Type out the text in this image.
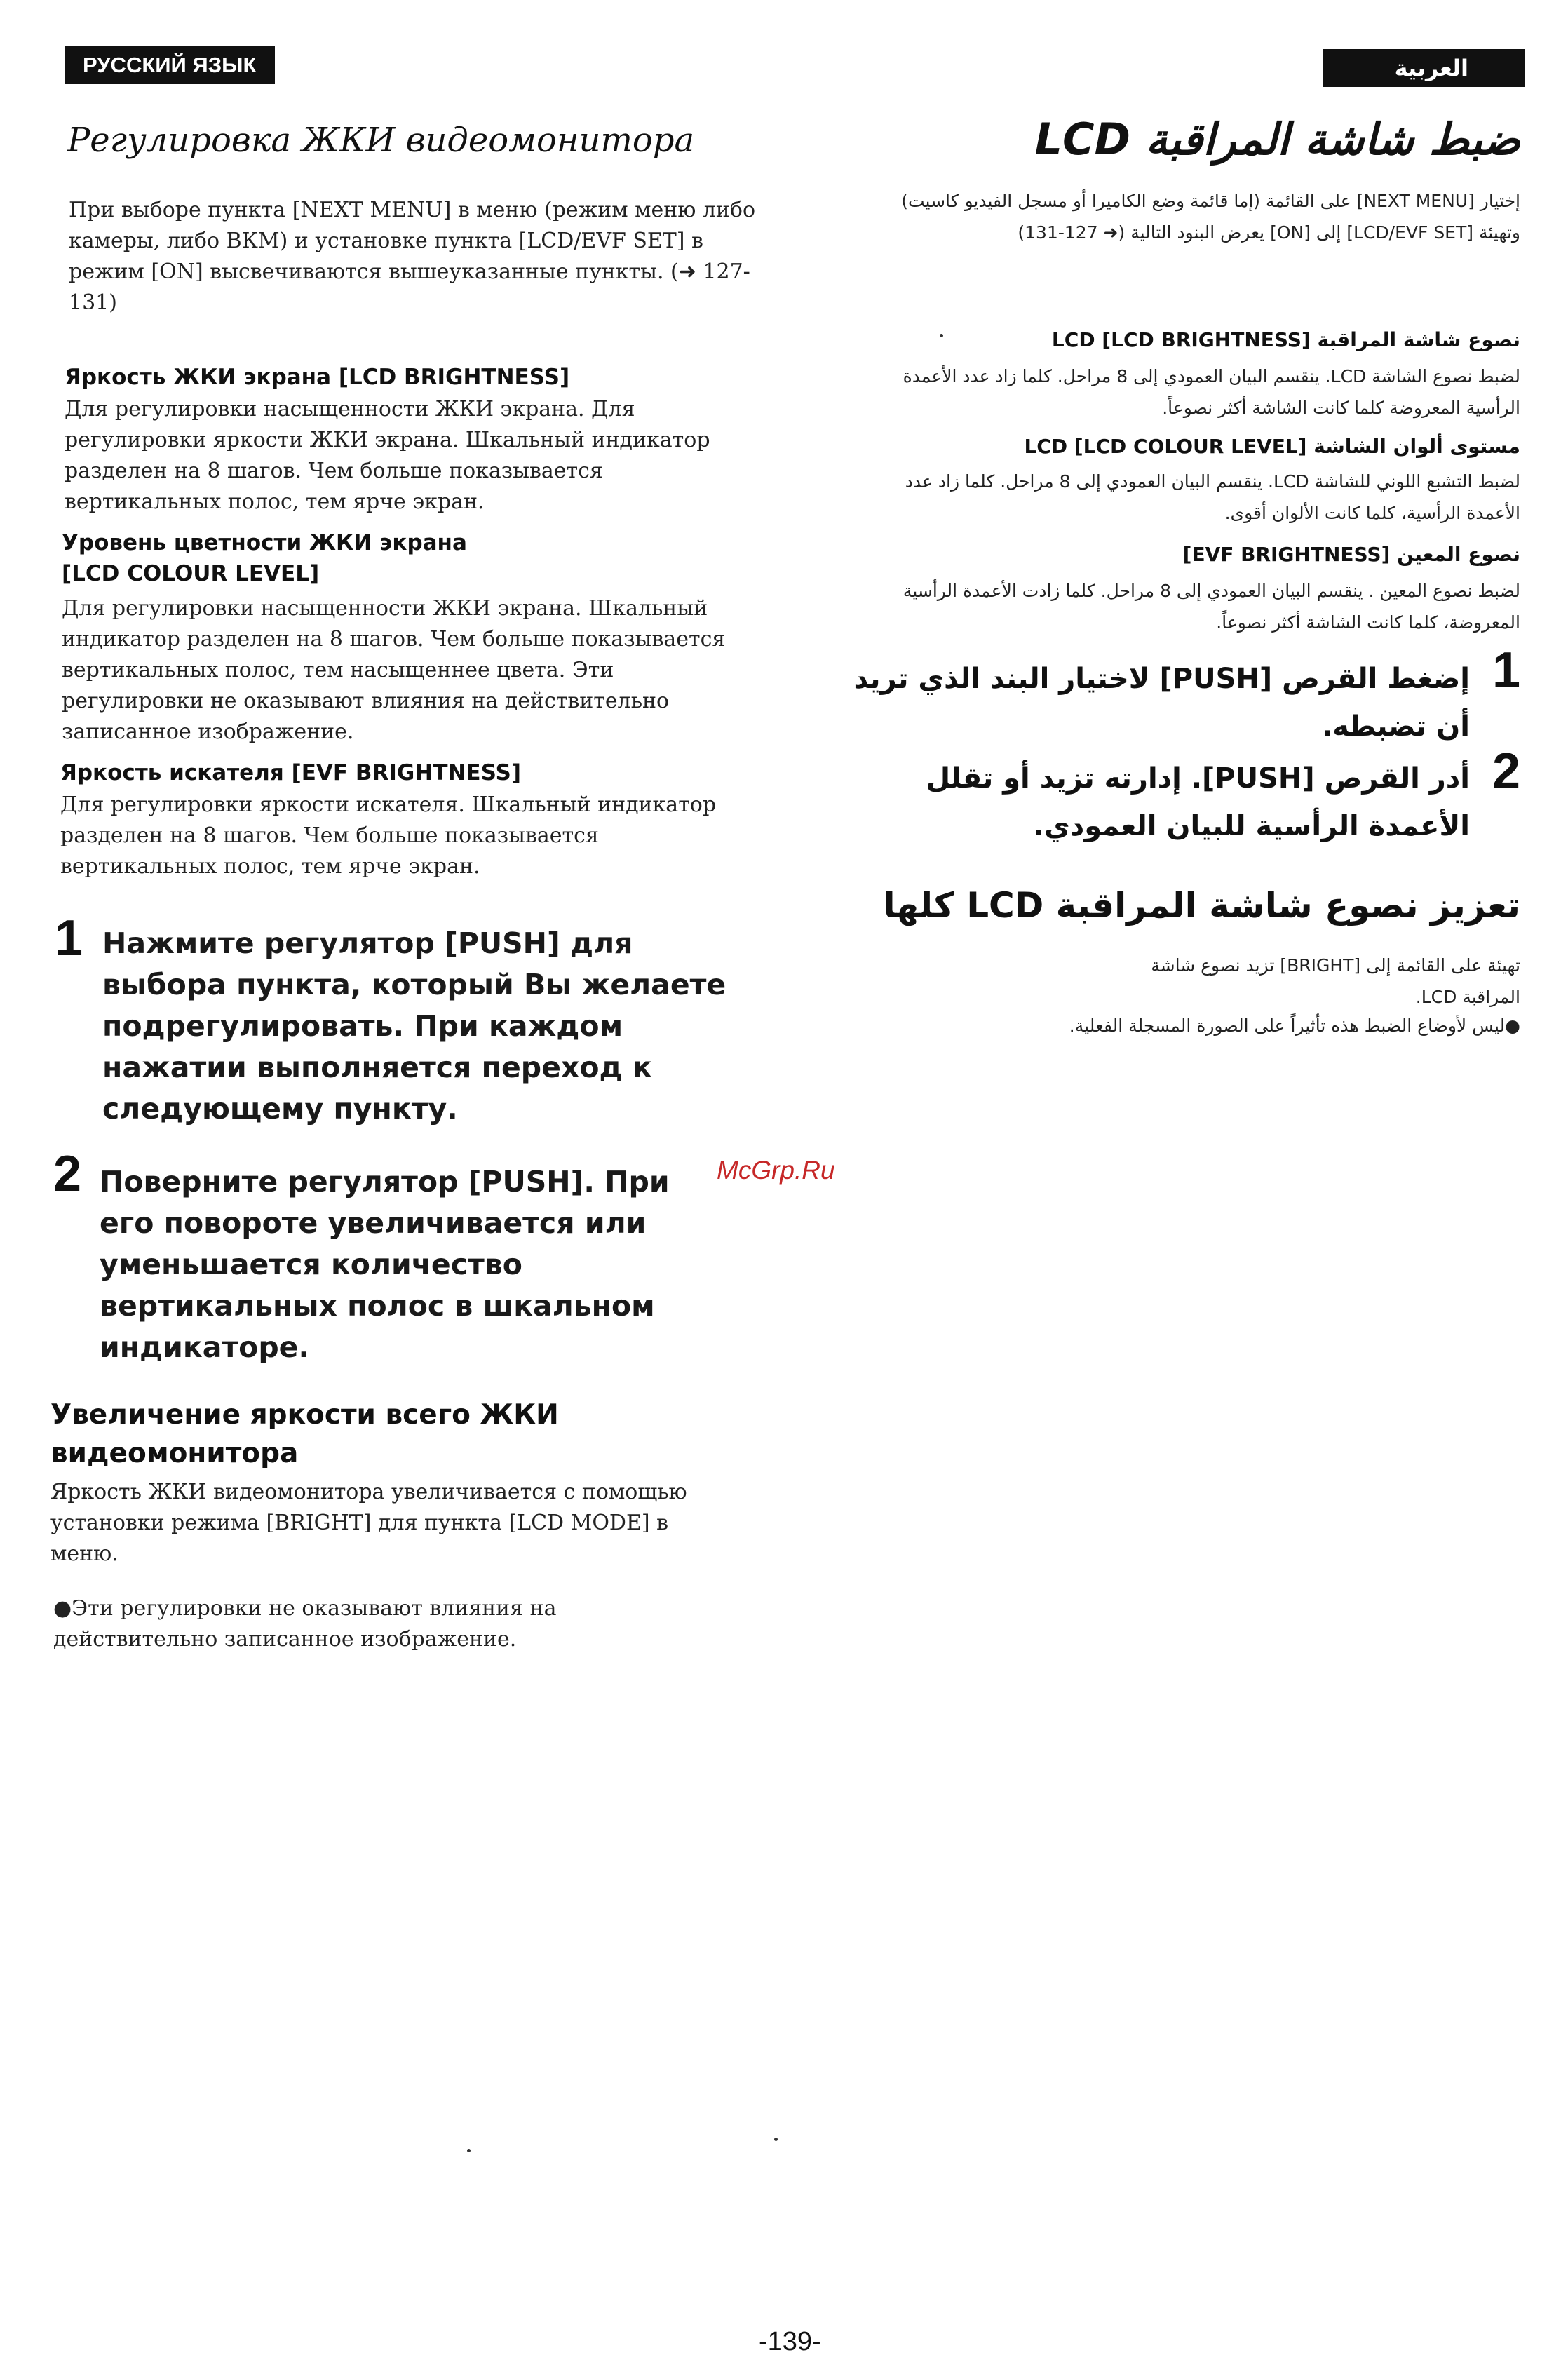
РУССКИЙ ЯЗЫК	العربية
Регулировка ЖКИ видеомонитора
При выборе пункта [NEXT MENU] в меню (режим меню либо камеры, либо ВКМ) и установке пункта [LCD/EVF SET] в режим [ON] высвечиваются вышеуказанные пункты. (➜ 127-131)
Яркость ЖКИ экрана [LCD BRIGHTNESS]
Для регулировки насыщенности ЖКИ экрана. Для регулировки яркости ЖКИ экрана. Шкальный индикатор разделен на 8 шагов. Чем больше показывается вертикальных полос, тем ярче экран.
Уровень цветности ЖКИ экрана
[LCD COLOUR LEVEL]
Для регулировки насыщенности ЖКИ экрана. Шкальный индикатор разделен на 8 шагов. Чем больше показывается вертикальных полос, тем насыщеннее цвета. Эти регулировки не оказывают влияния на действительно записанное изображение.
Яркость искателя [EVF BRIGHTNESS]
Для регулировки яркости искателя. Шкальный индикатор разделен на 8 шагов. Чем больше показывается вертикальных полос, тем ярче экран.
1 Нажмите регулятор [PUSH] для выбора пункта, который Вы желаете подрегулировать. При каждом нажатии выполняется переход к следующему пункту.
2 Поверните регулятор [PUSH]. При его повороте увеличивается или уменьшается количество вертикальных полос в шкальном индикаторе.
McGrp.Ru
Увеличение яркости всего ЖКИ видеомонитора
Яркость ЖКИ видеомонитора увеличивается с помощью установки режима [BRIGHT] для пункта [LCD MODE] в меню.
●Эти регулировки не оказывают влияния на действительно записанное изображение.
ضبط شاشة المراقبة LCD
إختيار [NEXT MENU] على القائمة (إما قائمة وضع الكاميرا أو مسجل الفيديو كاسيت) وتهيئة [LCD/EVF SET] إلى [ON] يعرض البنود التالية (➜ 127-131)
نصوع شاشة المراقبة LCD [LCD BRIGHTNESS]
لضبط نصوع الشاشة LCD. ينقسم البيان العمودي إلى 8 مراحل. كلما زاد عدد الأعمدة الرأسية المعروضة كلما كانت الشاشة أكثر نصوعاً.
مستوى ألوان الشاشة LCD [LCD COLOUR LEVEL]
لضبط التشبع اللوني للشاشة LCD. ينقسم البيان العمودي إلى 8 مراحل. كلما زاد عدد الأعمدة الرأسية، كلما كانت الألوان أقوى.
نصوع المعين [EVF BRIGHTNESS]
لضبط نصوع المعين . ينقسم البيان العمودي إلى 8 مراحل. كلما زادت الأعمدة الرأسية المعروضة، كلما كانت الشاشة أكثر نصوعاً.
1
إضغط القرص [PUSH] لاختيار البند الذي تريد أن تضبطه.
2
أدر القرص [PUSH]. إدارته تزيد أو تقلل الأعمدة الرأسية للبيان العمودي.
تعزيز نصوع شاشة المراقبة LCD كلها
تهيئة على القائمة إلى [BRIGHT] تزيد نصوع شاشة المراقبة LCD.
●ليس لأوضاع الضبط هذه تأثيراً على الصورة المسجلة الفعلية.
-139-
